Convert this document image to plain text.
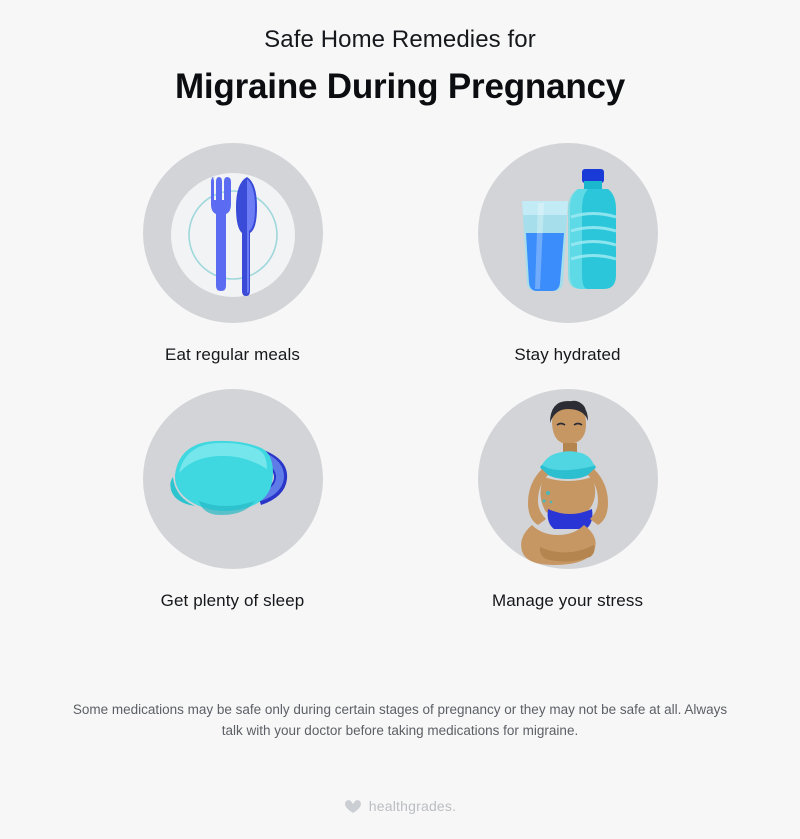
Safe Home Remedies for
Migraine During Pregnancy
Eat regular meals	Stay hydrated
Get plenty of sleep	Manage your stress
Some medications may be safe only during certain stages of pregnancy or they may not be safe at all. Always talk with your doctor before taking medications for migraine.
healthgrades.
